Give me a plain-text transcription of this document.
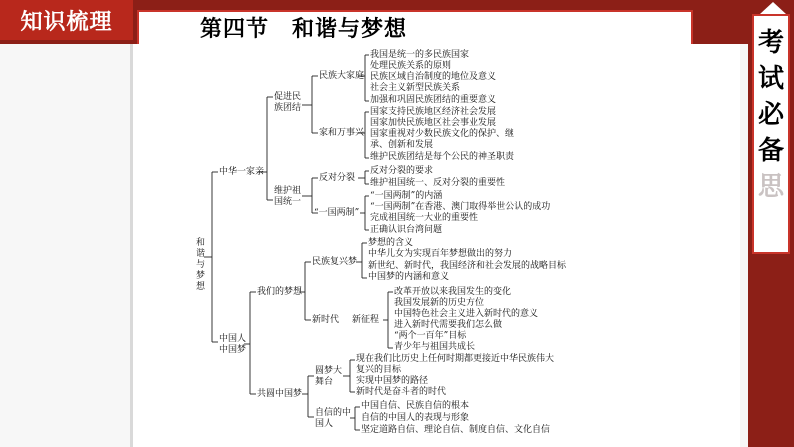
知识梳理	第四节　和谐与梦想	考
试
必
备
思
和谐与梦想
中华一家亲
中国人中国梦
促进民族团结
维护祖国统一
我们的梦想
共圆中国梦
民族大家庭
家和万事兴
反对分裂
“一国两制”
民族复兴梦
新时代 新征程
圆梦大舞台
自信的中国人
我国是统一的多民族国家
处理民族关系的原则
民族区域自治制度的地位及意义
社会主义新型民族关系
加强和巩固民族团结的重要意义
国家支持民族地区经济社会发展
国家加快民族地区社会事业发展
国家重视对少数民族文化的保护、继承、创新和发展
维护民族团结是每个公民的神圣职责
反对分裂的要求
维护祖国统一、反对分裂的重要性
“一国两制”的内涵
“一国两制”在香港、澳门取得举世公认的成功
完成祖国统一大业的重要性
正确认识台湾问题
梦想的含义
中华儿女为实现百年梦想做出的努力
新世纪、新时代，我国经济和社会发展的战略目标
中国梦的内涵和意义
改革开放以来我国发生的变化
我国发展新的历史方位
中国特色社会主义进入新时代的意义
进入新时代需要我们怎么做
“两个一百年”目标
青少年与祖国共成长
现在我们比历史上任何时期都更接近中华民族伟大复兴的目标
实现中国梦的路径
新时代是奋斗者的时代
中国自信、民族自信的根本
自信的中国人的表现与形象
坚定道路自信、理论自信、制度自信、文化自信
